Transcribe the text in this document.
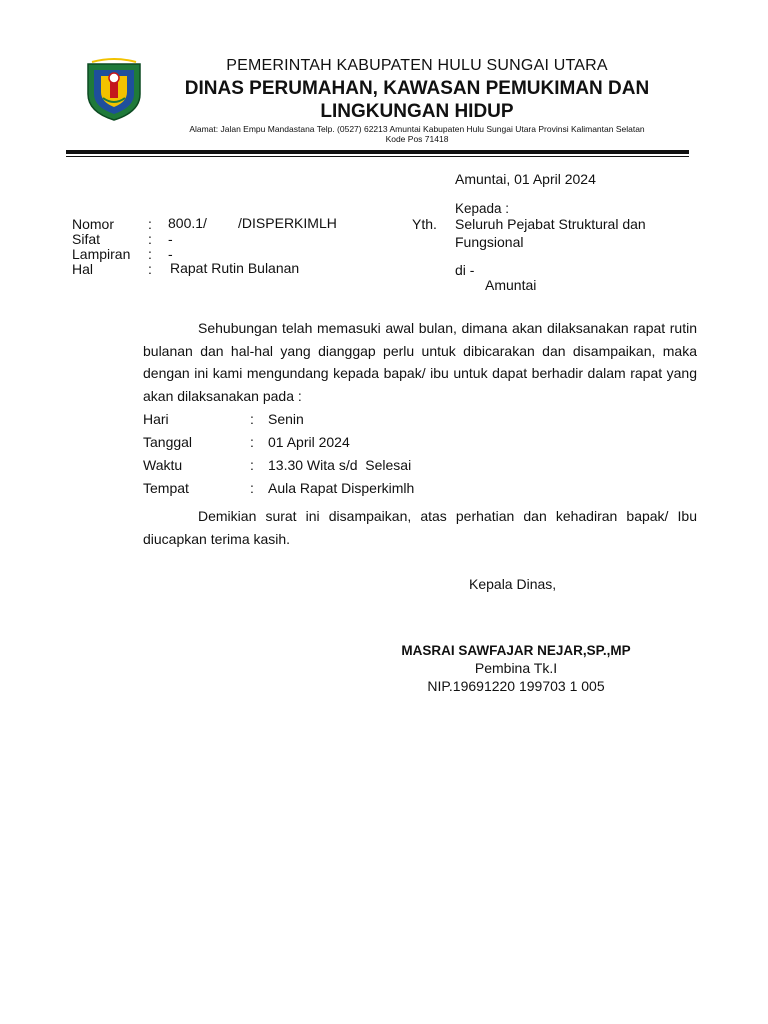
PEMERINTAH KABUPATEN HULU SUNGAI UTARA
DINAS PERUMAHAN, KAWASAN PEMUKIMAN DAN
LINGKUNGAN HIDUP
Alamat: Jalan Empu Mandastana Telp. (0527) 62213 Amuntai Kabupaten Hulu Sungai Utara Provinsi Kalimantan Selatan
Kode Pos 71418
Amuntai, 01 April 2024
Kepada :
Yth. Seluruh Pejabat Struktural dan
Fungsional
di -
Amuntai
Nomor : 800.1/        /DISPERKIMLH
Sifat	: -
Lampiran : -
Hal	: Rapat Rutin Bulanan

Sehubungan telah memasuki awal bulan, dimana akan dilaksanakan rapat rutin bulanan dan hal-hal yang dianggap perlu untuk dibicarakan dan disampaikan, maka dengan ini kami mengundang kepada bapak/ ibu untuk dapat berhadir dalam rapat yang akan dilaksanakan pada :

Hari	: Senin
Tanggal	: 01 April 2024
Waktu	: 13.30 Wita s/d  Selesai
Tempat	: Aula Rapat Disperkimlh

Demikian surat ini disampaikan, atas perhatian dan kehadiran bapak/ Ibu diucapkan terima kasih.

Kepala Dinas,
MASRAI SAWFAJAR NEJAR,SP.,MP
Pembina Tk.I
NIP.19691220 199703 1 005
